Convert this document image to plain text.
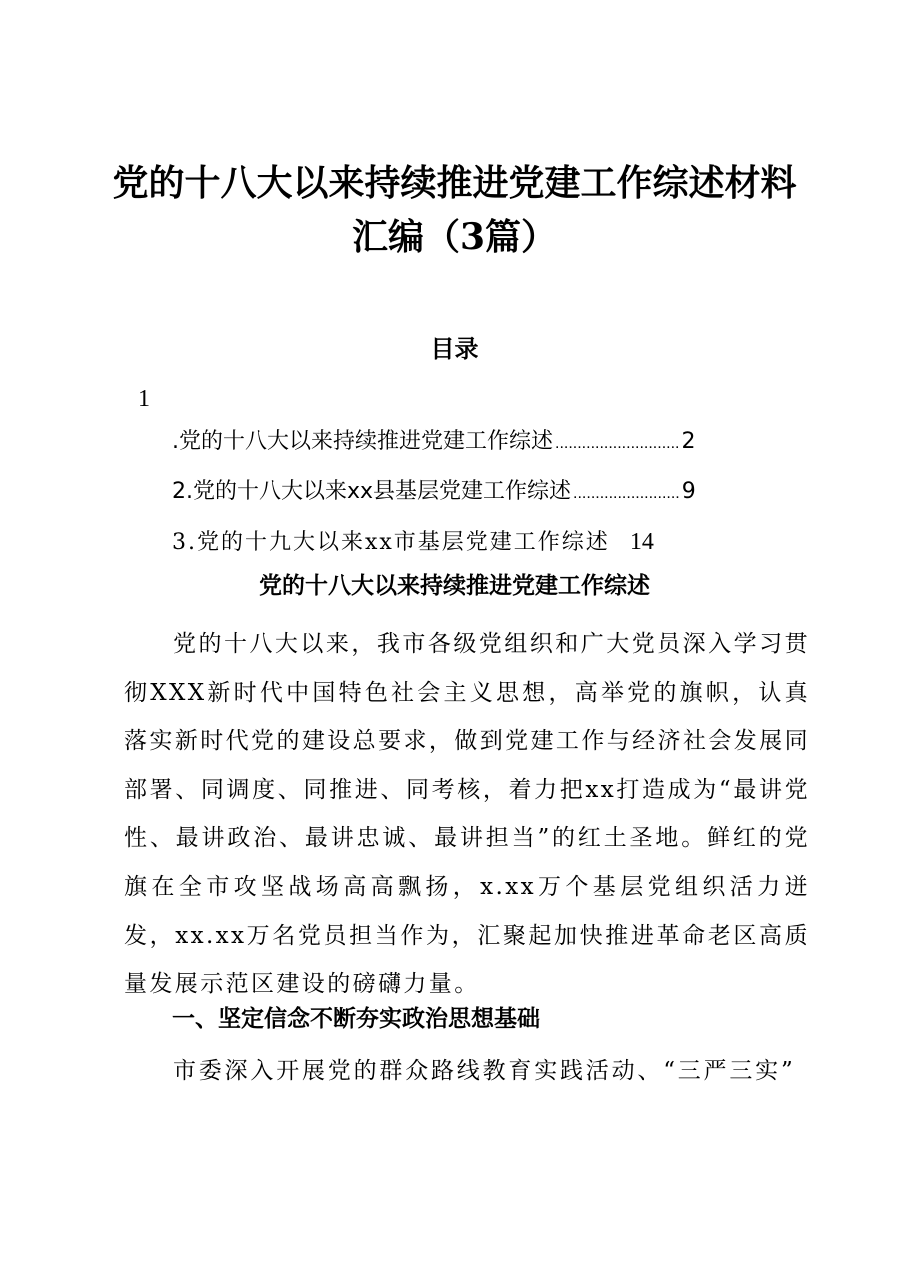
党的十八大以来持续推进党建工作综述材料汇编（3篇）
目录
1
.党的十八大以来持续推进党建工作综述 ............................ 2
2.党的十八大以来xx县基层党建工作综述 ........................ 9
3.党的十九大以来xx市基层党建工作综述 14
党的十八大以来持续推进党建工作综述

党的十八大以来，我市各级党组织和广大党员深入学习贯彻XXX新时代中国特色社会主义思想，高举党的旗帜，认真落实新时代党的建设总要求，做到党建工作与经济社会发展同部署、同调度、同推进、同考核，着力把xx打造成为“最讲党性、最讲政治、最讲忠诚、最讲担当”的红土圣地。鲜红的党旗在全市攻坚战场高高飘扬，x.xx万个基层党组织活力迸发，xx.xx万名党员担当作为，汇聚起加快推进革命老区高质量发展示范区建设的磅礴力量。

一、坚定信念不断夯实政治思想基础

市委深入开展党的群众路线教育实践活动、“三严三实”
